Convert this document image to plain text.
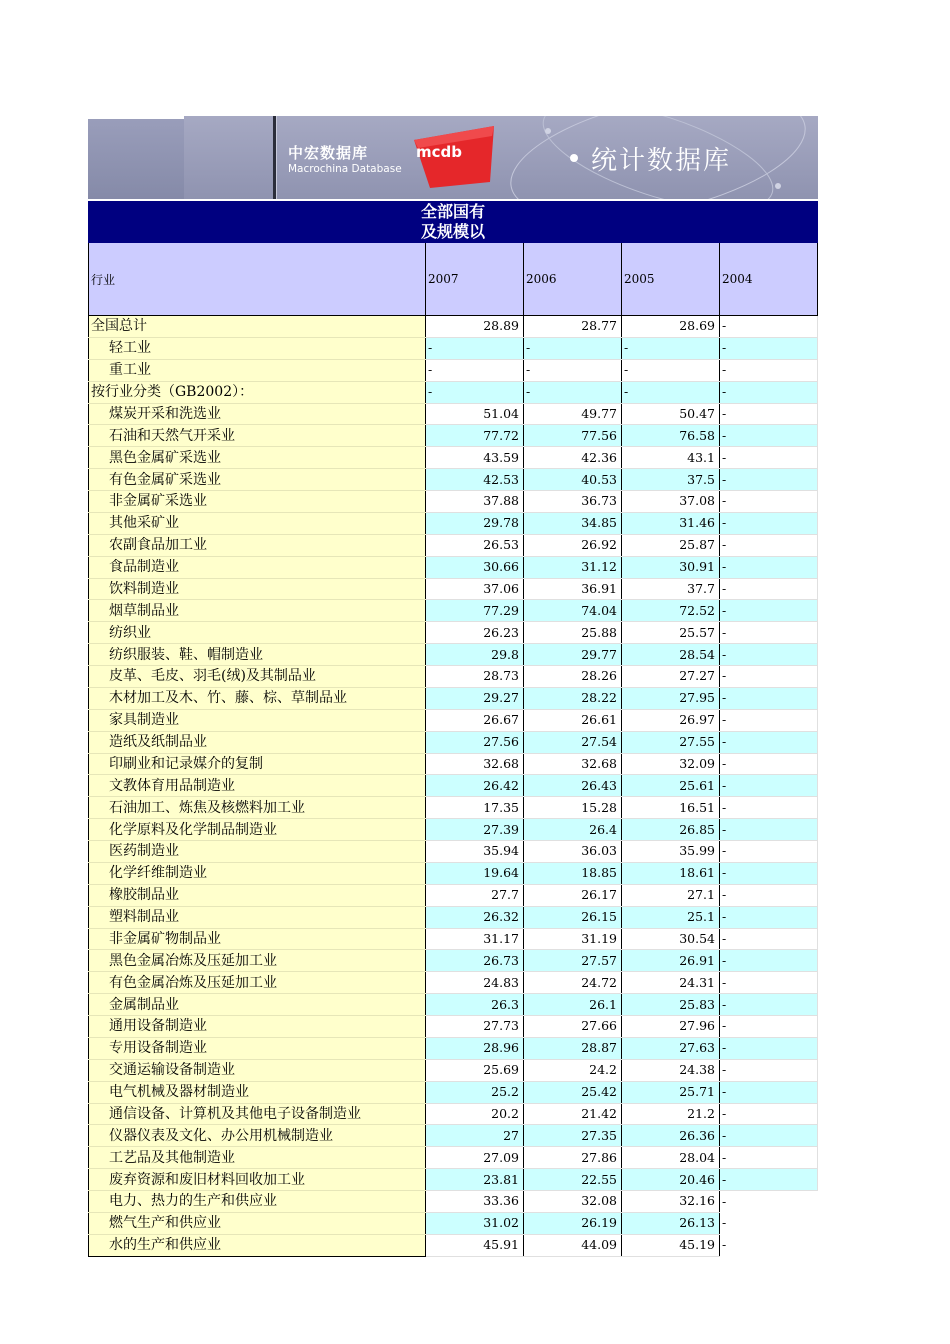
中宏数据库
Macrochina Database
mcdb	统计数据库
全部国有
及规模以
行业	2007	2006	2005	2004
全国总计	28.89	28.77	28.69	-
轻工业	-	-	-	-
重工业	-	-	-	-
按行业分类（GB2002）：	-	-	-	-
煤炭开采和洗选业	51.04	49.77	50.47	-
石油和天然气开采业	77.72	77.56	76.58	-
黑色金属矿采选业	43.59	42.36	43.1	-
有色金属矿采选业	42.53	40.53	37.5	-
非金属矿采选业	37.88	36.73	37.08	-
其他采矿业	29.78	34.85	31.46	-
农副食品加工业	26.53	26.92	25.87	-
食品制造业	30.66	31.12	30.91	-
饮料制造业	37.06	36.91	37.7	-
烟草制品业	77.29	74.04	72.52	-
纺织业	26.23	25.88	25.57	-
纺织服装、鞋、帽制造业	29.8	29.77	28.54	-
皮革、毛皮、羽毛(绒)及其制品业	28.73	28.26	27.27	-
木材加工及木、竹、藤、棕、草制品业	29.27	28.22	27.95	-
家具制造业	26.67	26.61	26.97	-
造纸及纸制品业	27.56	27.54	27.55	-
印刷业和记录媒介的复制	32.68	32.68	32.09	-
文教体育用品制造业	26.42	26.43	25.61	-
石油加工、炼焦及核燃料加工业	17.35	15.28	16.51	-
化学原料及化学制品制造业	27.39	26.4	26.85	-
医药制造业	35.94	36.03	35.99	-
化学纤维制造业	19.64	18.85	18.61	-
橡胶制品业	27.7	26.17	27.1	-
塑料制品业	26.32	26.15	25.1	-
非金属矿物制品业	31.17	31.19	30.54	-
黑色金属冶炼及压延加工业	26.73	27.57	26.91	-
有色金属冶炼及压延加工业	24.83	24.72	24.31	-
金属制品业	26.3	26.1	25.83	-
通用设备制造业	27.73	27.66	27.96	-
专用设备制造业	28.96	28.87	27.63	-
交通运输设备制造业	25.69	24.2	24.38	-
电气机械及器材制造业	25.2	25.42	25.71	-
通信设备、计算机及其他电子设备制造业	20.2	21.42	21.2	-
仪器仪表及文化、办公用机械制造业	27	27.35	26.36	-
工艺品及其他制造业	27.09	27.86	28.04	-
废弃资源和废旧材料回收加工业	23.81	22.55	20.46	-
电力、热力的生产和供应业	33.36	32.08	32.16	-
燃气生产和供应业	31.02	26.19	26.13	-
水的生产和供应业	45.91	44.09	45.19	-
